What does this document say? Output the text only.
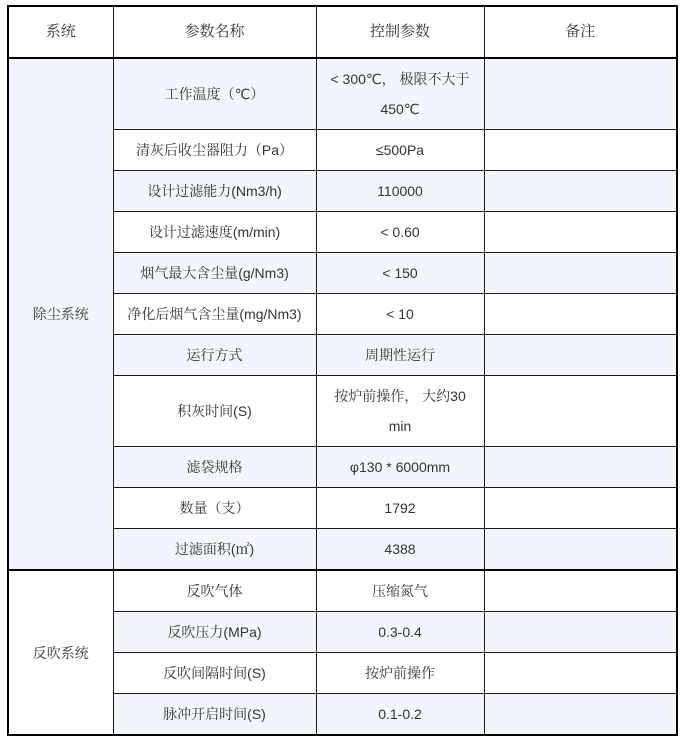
系统	参数名称	控制参数	备注
除尘系统	工作温度（℃）	< 300℃， 极限不大于450℃	
	清灰后收尘器阻力（Pa）	≤500Pa	
	设计过滤能力(Nm3/h)	110000	
	设计过滤速度(m/min)	< 0.60	
	烟气最大含尘量(g/Nm3)	< 150	
	净化后烟气含尘量(mg/Nm3)	< 10	
	运行方式	周期性运行	
	积灰时间(S)	按炉前操作， 大约30 min	
	滤袋规格	φ130 * 6000mm	
	数量（支）	1792	
	过滤面积(㎡)	4388	
反吹系统	反吹气体	压缩氮气	
	反吹压力(MPa)	0.3-0.4	
	反吹间隔时间(S)	按炉前操作	
	脉冲开启时间(S)	0.1-0.2	
